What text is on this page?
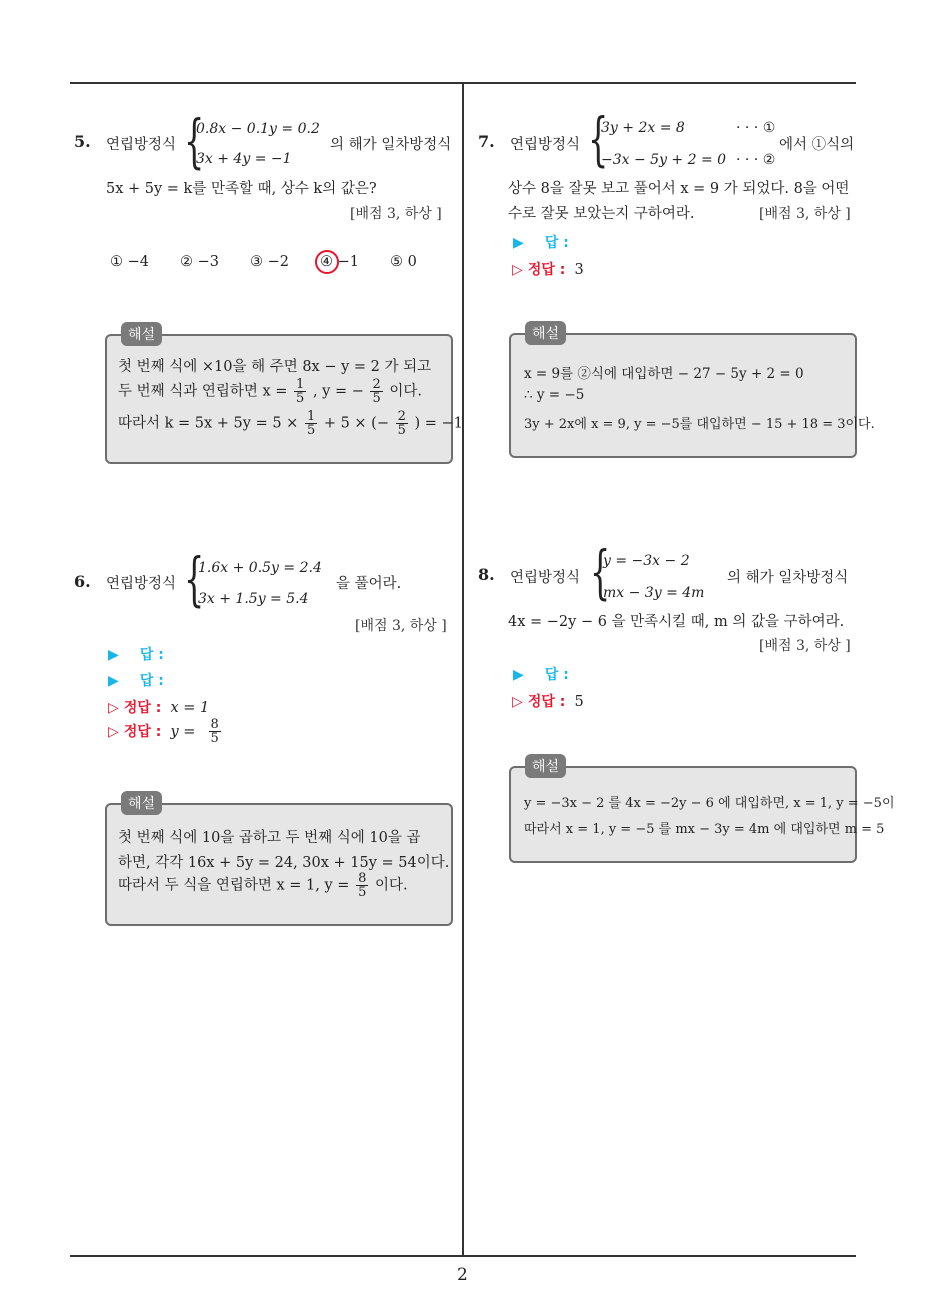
2
5. 연립방정식 {
0.8x − 0.1y = 0.2
3x + 4y = −1
의 해가 일차방정식
5x + 5y = k를 만족할 때, 상수 k의 값은?
[배점 3, 하상 ]
① −4 ② −3 ③ −2 ④ −1 ⑤ 0
해설
첫 번째 식에 ×10을 해 주면 8x − y = 2 가 되고
두 번째 식과 연립하면 $x = \frac{1}{5}$ , y = − $\frac{2}{5}$ 이다.
따라서 $k = 5x + 5y = 5 \times \frac{1}{5} + 5$ × (− $\frac{2}{5}$ ) = −1
6. 연립방정식 {
1.6x + 0.5y = 2.4
3x + 1.5y = 5.4
을 풀어라.
[배점 3, 하상 ]
▶ 답 :
▶ 답 :
▷ 정답 : x = 1
▷ 정답 : $y = \frac{8}{5}$
해설
첫 번째 식에 10을 곱하고 두 번째 식에 10을 곱
하면, 각각 16x + 5y = 24, 30x + 15y = 54이다.
따라서 두 식을 연립하면 x = 1, $y = \frac{8}{5}$ 이다.
7. 연립방정식 {
3y + 2x = 8	· · · ①
−3x − 5y + 2 = 0 · · · ②
에서 ①식의
상수 8을 잘못 보고 풀어서 x = 9 가 되었다. 8을 어떤
수로 잘못 보았는지 구하여라.	[배점 3, 하상 ]
▶ 답 :
▷ 정답 : 3
해설
x = 9를 ②식에 대입하면 − 27 − 5y + 2 = 0
∴ y = −5
3y + 2x에 x = 9, y = −5를 대입하면 − 15 + 18 = 3이다.
8. 연립방정식 {
y = −3x − 2
mx − 3y = 4m
의 해가 일차방정식
4x = −2y − 6 을 만족시킬 때, m 의 값을 구하여라.
[배점 3, 하상 ]
▶ 답 :
▷ 정답 : 5
해설
y = −3x − 2 를 4x = −2y − 6 에 대입하면, x = 1, y = −5이
따라서 x = 1, y = −5 를 mx − 3y = 4m 에 대입하면 m = 5
